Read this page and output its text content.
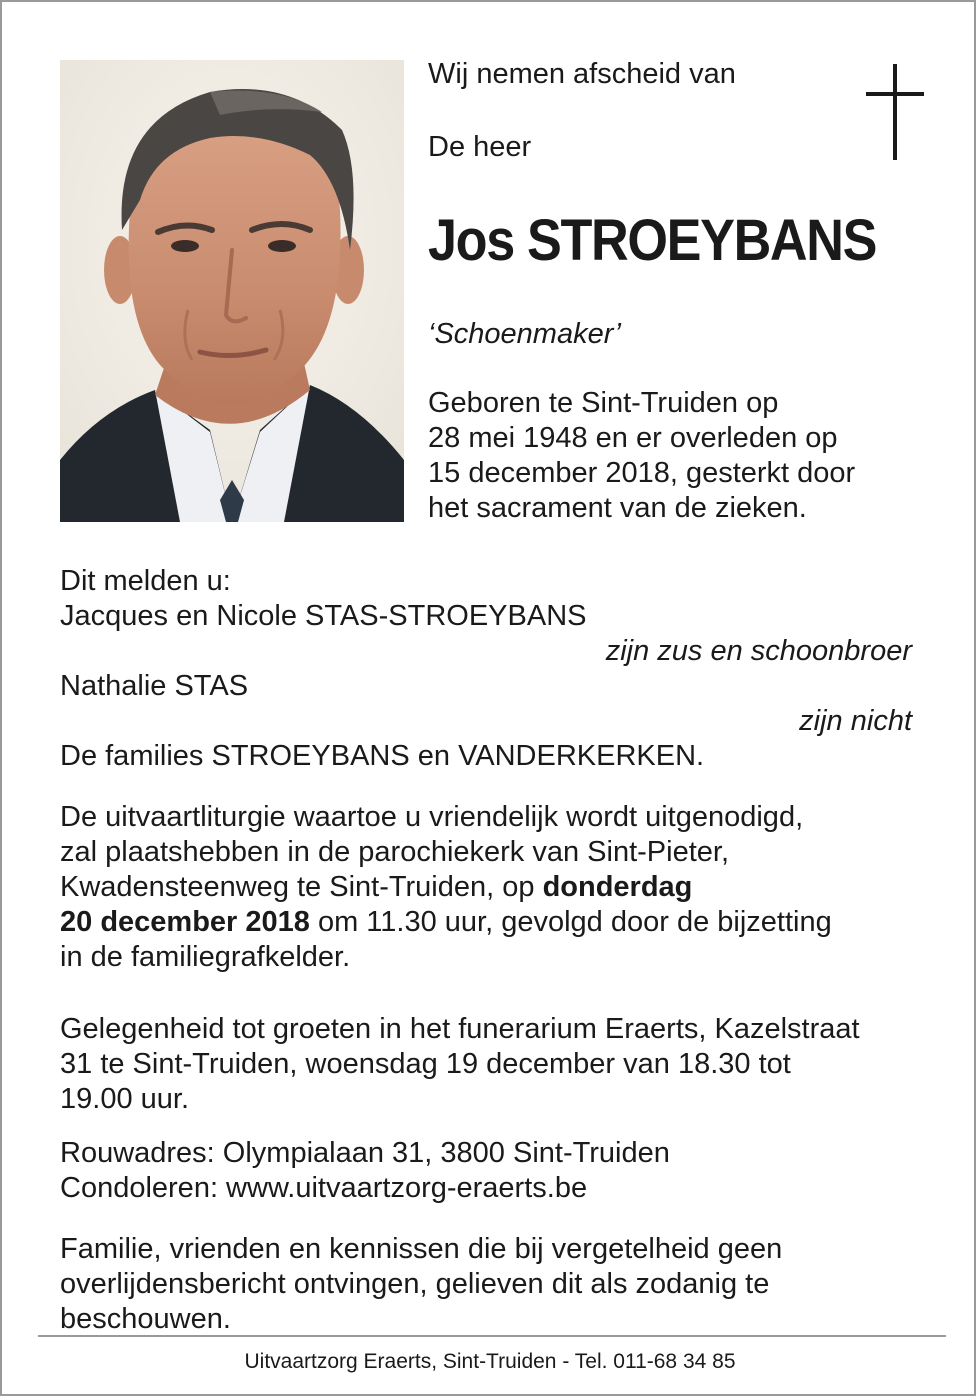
Wij nemen afscheid van

De heer

Jos STROEYBANS

‘Schoenmaker’

Geboren te Sint-Truiden op
28 mei 1948 en er overleden op
15 december 2018, gesterkt door
het sacrament van de zieken.

Dit melden u:
Jacques en Nicole STAS-STROEYBANS
zijn zus en schoonbroer
Nathalie STAS
zijn nicht
De families STROEYBANS en VANDERKERKEN.
De uitvaartliturgie waartoe u vriendelijk wordt uitgenodigd,
zal plaatshebben in de parochiekerk van Sint-Pieter,
Kwadensteenweg te Sint-Truiden, op donderdag
20 december 2018 om 11.30 uur, gevolgd door de bijzetting
in de familiegrafkelder.
Gelegenheid tot groeten in het funerarium Eraerts, Kazelstraat
31 te Sint-Truiden, woensdag 19 december van 18.30 tot
19.00 uur.
Rouwadres: Olympialaan 31, 3800 Sint-Truiden
Condoleren: www.uitvaartzorg-eraerts.be
Familie, vrienden en kennissen die bij vergetelheid geen
overlijdensbericht ontvingen, gelieven dit als zodanig te
beschouwen.
Uitvaartzorg Eraerts, Sint-Truiden - Tel. 011-68 34 85
